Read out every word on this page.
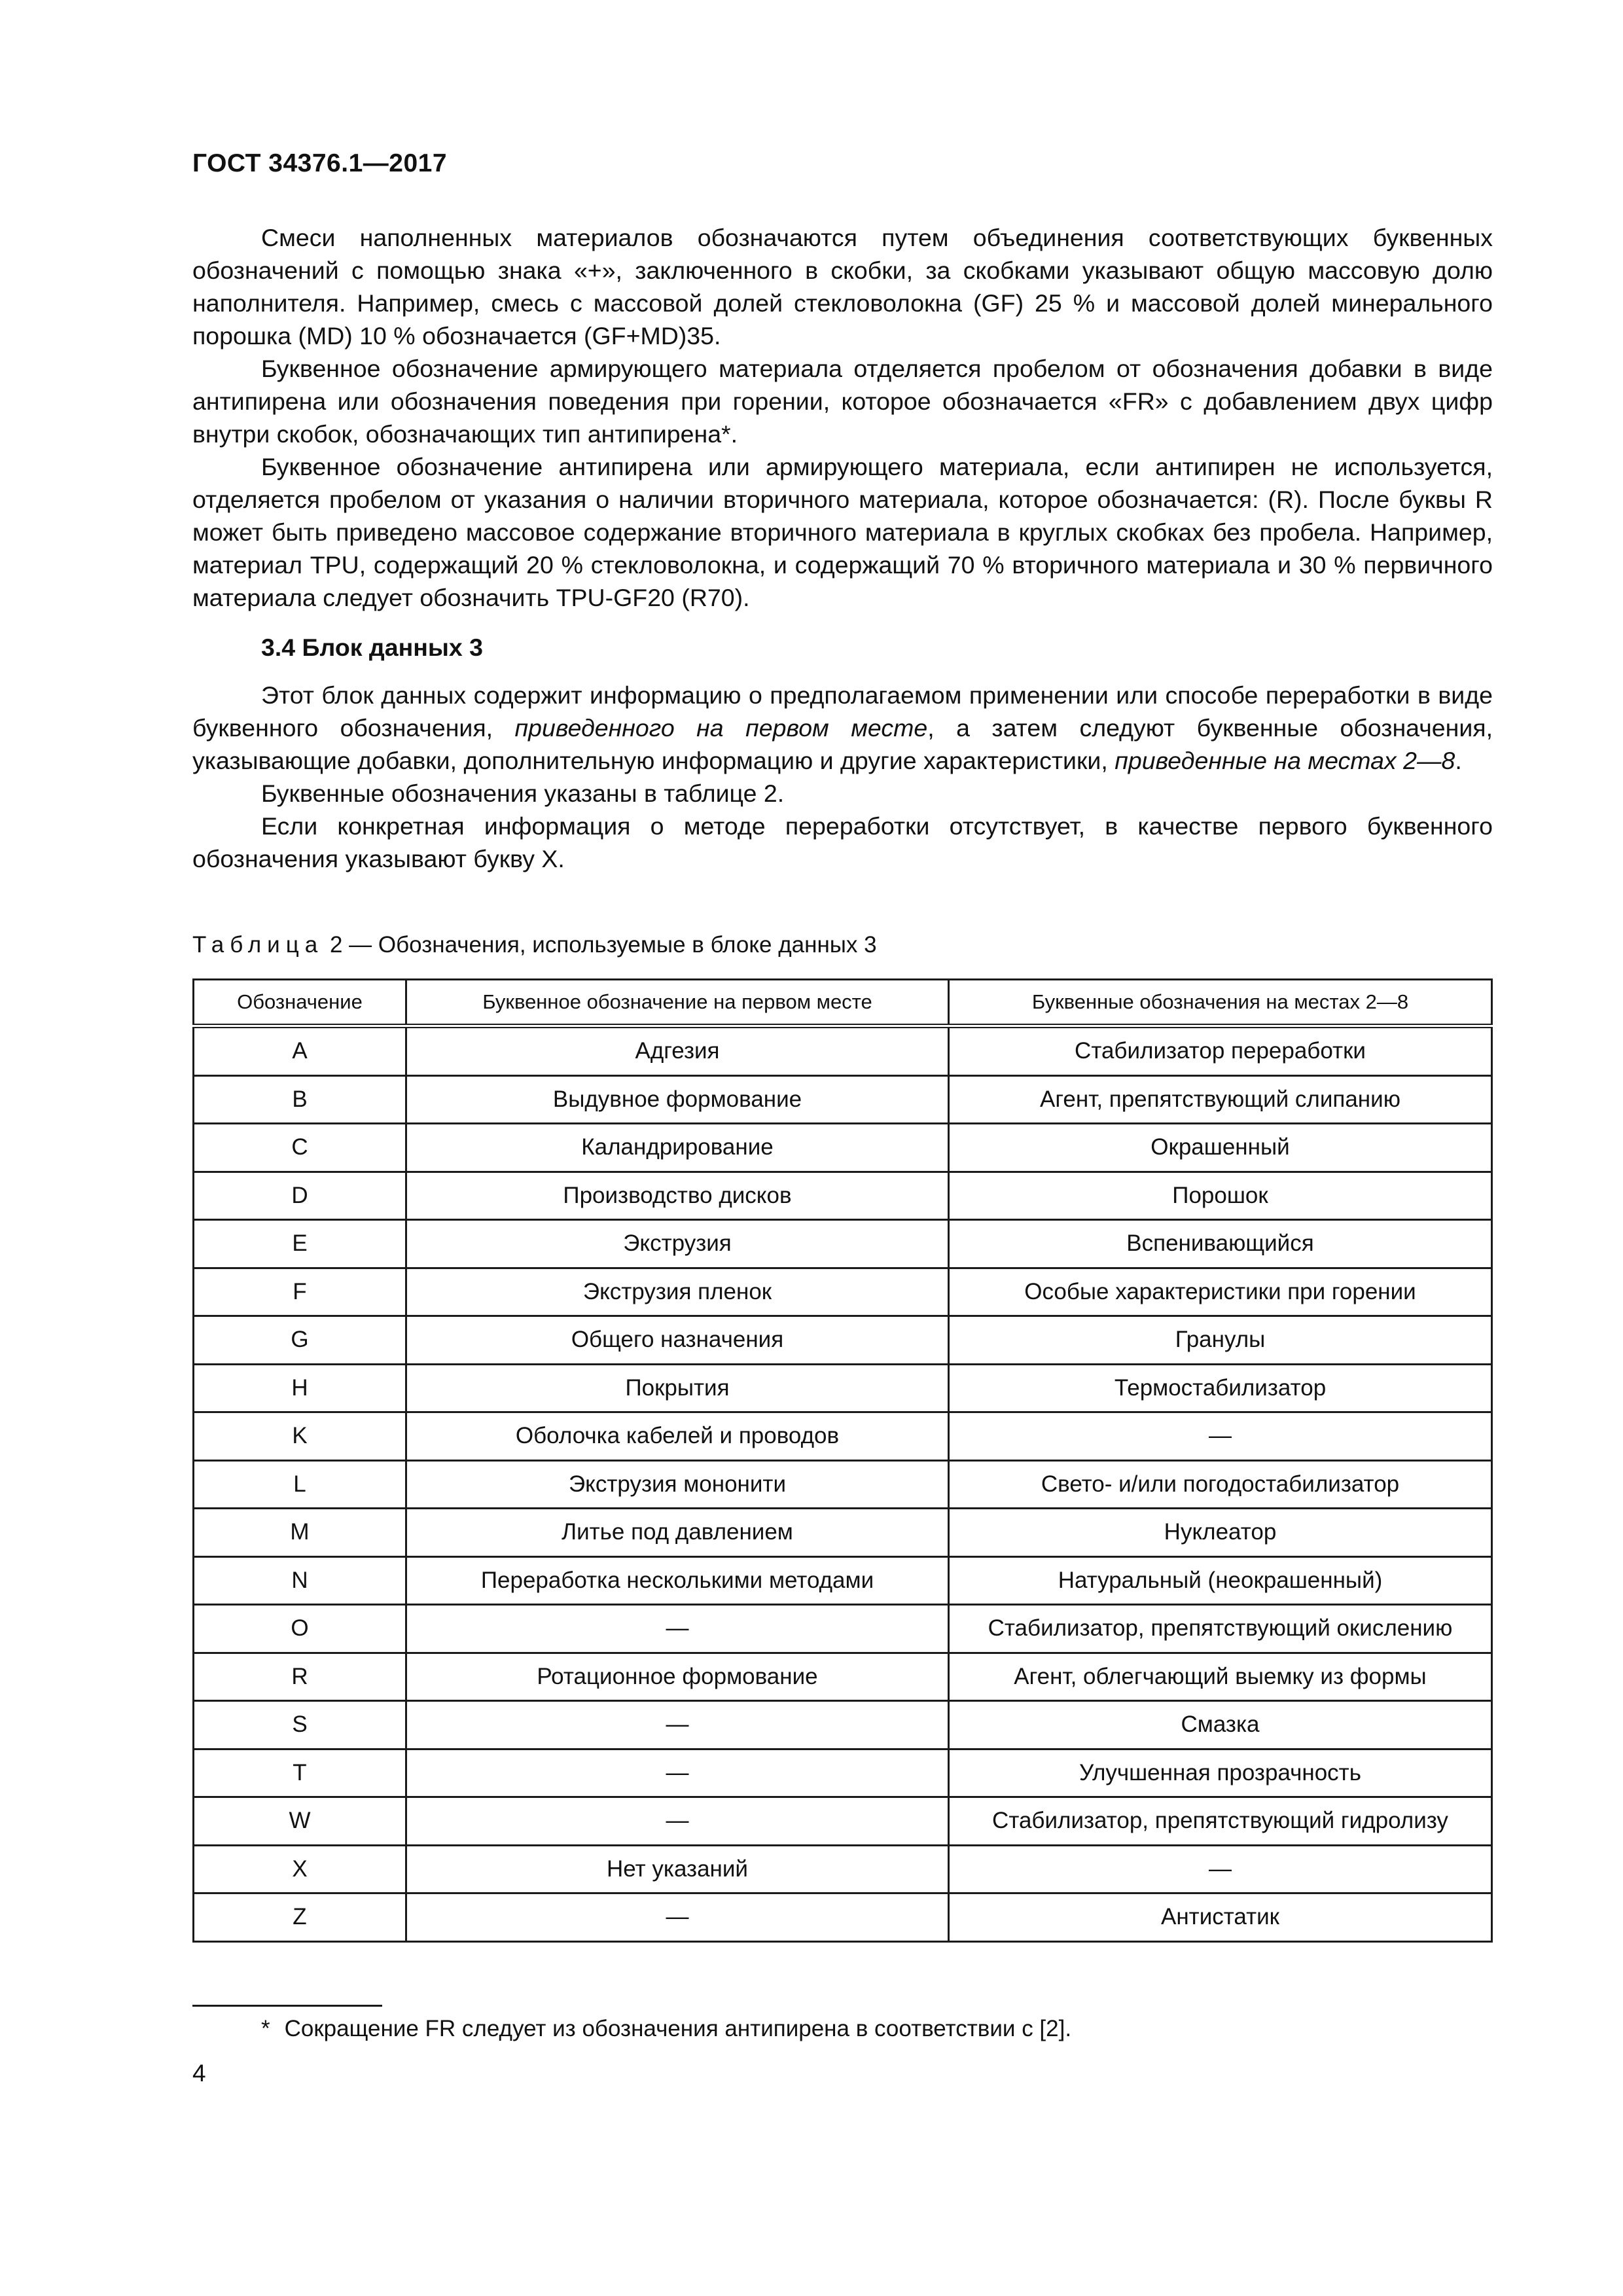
ГОСТ 34376.1—2017

Смеси наполненных материалов обозначаются путем объединения соответствующих буквенных обозначений с помощью знака «+», заключенного в скобки, за скобками указывают общую массовую долю наполнителя. Например, смесь с массовой долей стекловолокна (GF) 25 % и массовой долей минерального порошка (MD) 10 % обозначается (GF+MD)35.

Буквенное обозначение армирующего материала отделяется пробелом от обозначения добавки в виде антипирена или обозначения поведения при горении, которое обозначается «FR» с добавлением двух цифр внутри скобок, обозначающих тип антипирена*.

Буквенное обозначение антипирена или армирующего материала, если антипирен не используется, отделяется пробелом от указания о наличии вторичного материала, которое обозначается: (R). После буквы R может быть приведено массовое содержание вторичного материала в круглых скобках без пробела. Например, материал TPU, содержащий 20 % стекловолокна, и содержащий 70 % вторичного материала и 30 % первичного материала следует обозначить TPU-GF20 (R70).

3.4 Блок данных 3

Этот блок данных содержит информацию о предполагаемом применении или способе переработки в виде буквенного обозначения, приведенного на первом месте, а затем следуют буквенные обозначения, указывающие добавки, дополнительную информацию и другие характеристики, приведенные на местах 2—8.

Буквенные обозначения указаны в таблице 2.

Если конкретная информация о методе переработки отсутствует, в качестве первого буквенного обозначения указывают букву X.

Таблица 2 — Обозначения, используемые в блоке данных 3
Обозначение	Буквенное обозначение на первом месте	Буквенные обозначения на местах 2—8
A	Адгезия	Стабилизатор переработки
B	Выдувное формование	Агент, препятствующий слипанию
C	Каландрирование	Окрашенный
D	Производство дисков	Порошок
E	Экструзия	Вспенивающийся
F	Экструзия пленок	Особые характеристики при горении
G	Общего назначения	Гранулы
H	Покрытия	Термостабилизатор
K	Оболочка кабелей и проводов	—
L	Экструзия мононити	Свето- и/или погодостабилизатор
M	Литье под давлением	Нуклеатор
N	Переработка несколькими методами	Натуральный (неокрашенный)
O	—	Стабилизатор, препятствующий окислению
R	Ротационное формование	Агент, облегчающий выемку из формы
S	—	Смазка
T	—	Улучшенная прозрачность
W	—	Стабилизатор, препятствующий гидролизу
X	Нет указаний	—
Z	—	Антистатик
* Сокращение FR следует из обозначения антипирена в соответствии с [2].
4
